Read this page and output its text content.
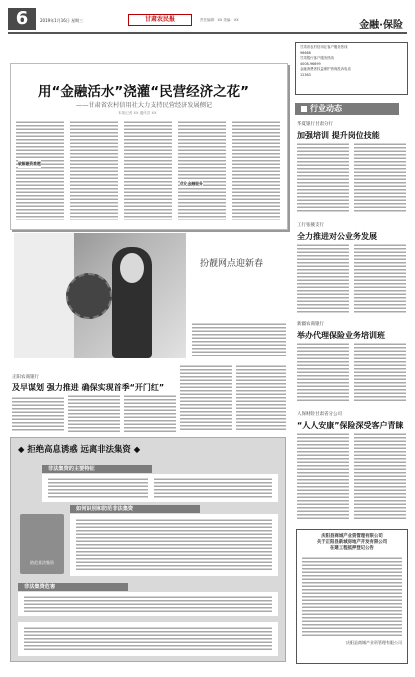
6	2019年1月16日 星期三	甘肃农民报	责任编辑：XX 美编：XX	金融·保险
用“金融活水”浇灌“民营经济之花”
——甘肃省农村信用社大力支持民营经济发展侧记
本报记者 XX 通讯员 XX
破解融资难题
优化金融服务
甘肃省农村信用社客户服务热线
96668
甘肃银行客户服务热线
4008-96699
金融消费者权益保护咨询投诉电话
12363
行业动态
华夏银行甘肃分行
加强培训 提升岗位技能
工行张掖支行
全力推进对公业务发展
新疆农商银行
举办代理保险业务培训班
人保财险甘肃省分公司
“人人安康”保险深受客户青睐
扮靓网点迎新春
正阳农商银行
及早谋划 强力推进 确保实现首季“开门红”
◆ 拒绝高息诱惑 远离非法集资 ◆
非法集资的主要特征
如何识别和防范非法集资
防范非法集资
非法集资危害
庆阳县商城产业资管理有限公司
关于正阳县新城房地产开发有限公司
在建工程抵押登记公告
庆阳县商城产业资管理有限公司
